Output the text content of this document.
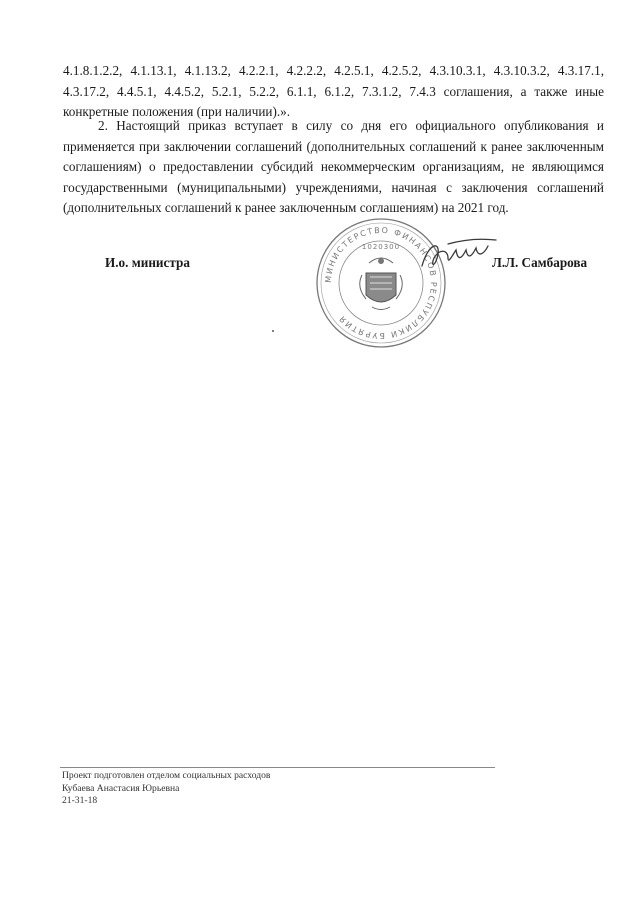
4.1.8.1.2.2, 4.1.13.1, 4.1.13.2, 4.2.2.1, 4.2.2.2, 4.2.5.1, 4.2.5.2, 4.3.10.3.1, 4.3.10.3.2, 4.3.17.1, 4.3.17.2, 4.4.5.1, 4.4.5.2, 5.2.1, 5.2.2, 6.1.1, 6.1.2, 7.3.1.2, 7.4.3 соглашения, а также иные конкретные положения (при наличии).».

2. Настоящий приказ вступает в силу со дня его официального опубликования и применяется при заключении соглашений (дополнительных соглашений к ранее заключенным соглашениям) о предоставлении субсидий некоммерческим организациям, не являющимся государственными (муниципальными) учреждениями, начиная с заключения соглашений (дополнительных соглашений к ранее заключенным соглашениям) на 2021 год.

МИНИСТЕРСТВО ФИНАНСОВ РЕСПУБЛИКИ БУРЯТИЯ
1020300
И.о. министра	Л.Л. Самбарова
Проект подготовлен отделом социальных расходов
Кубаева Анастасия Юрьевна
21-31-18
